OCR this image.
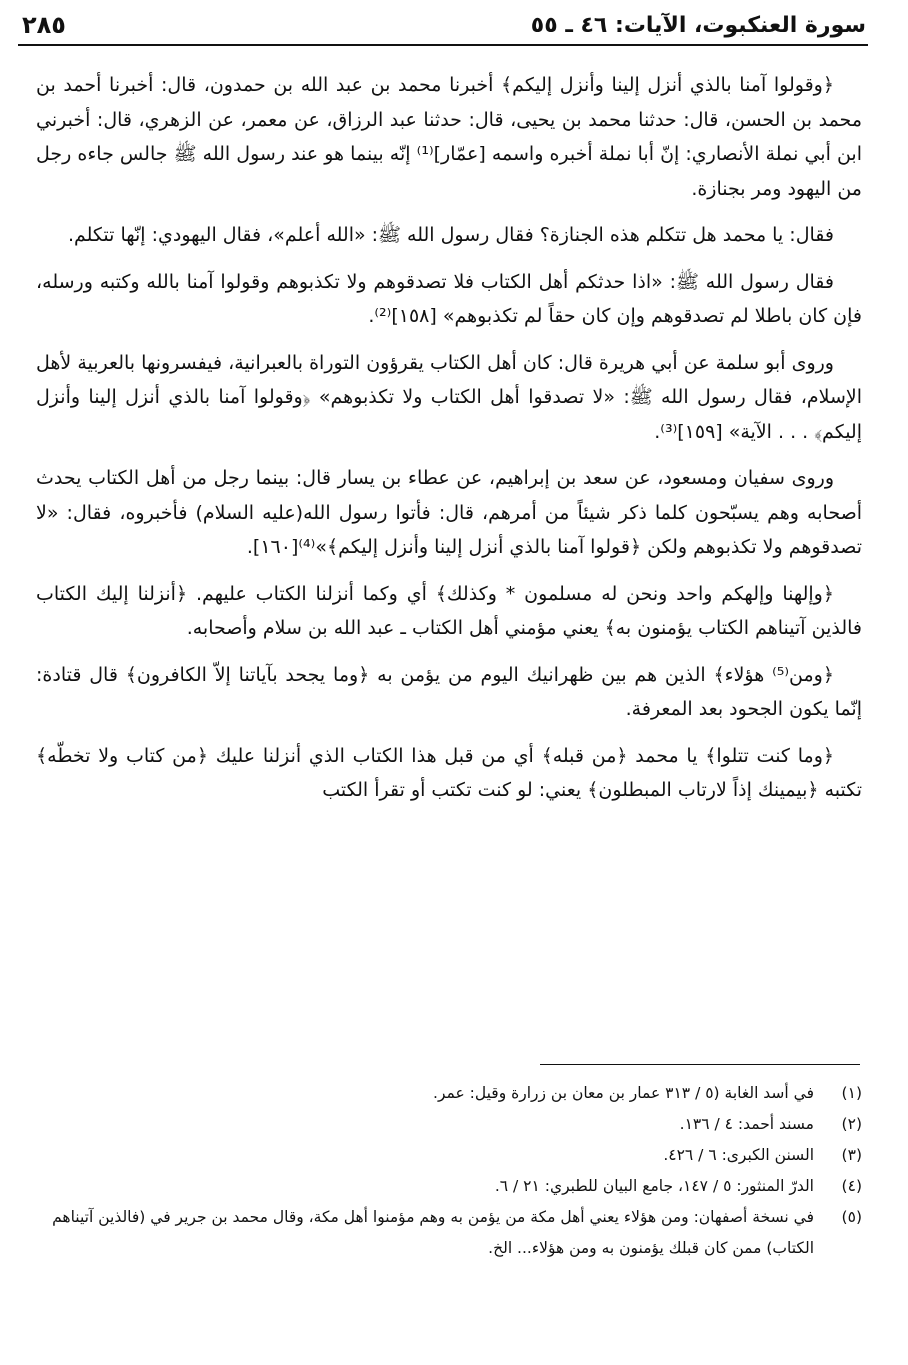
٢٨٥	سورة العنكبوت، الآيات: ٤٦ ـ ٥٥

﴿وقولوا آمنا بالذي أنزل إلينا وأنزل إليكم﴾ أخبرنا محمد بن عبد الله بن حمدون، قال: أخبرنا أحمد بن محمد بن الحسن، قال: حدثنا محمد بن يحيى، قال: حدثنا عبد الرزاق، عن معمر، عن الزهري، قال: أخبرني ابن أبي نملة الأنصاري: إنّ أبا نملة أخبره واسمه [عمّار]⁽¹⁾ إنّه بينما هو عند رسول الله ﷺ جالس جاءه رجل من اليهود ومر بجنازة.

فقال: يا محمد هل تتكلم هذه الجنازة؟ فقال رسول الله ﷺ: «الله أعلم»، فقال اليهودي: إنّها تتكلم.

فقال رسول الله ﷺ: «اذا حدثكم أهل الكتاب فلا تصدقوهم ولا تكذبوهم وقولوا آمنا بالله وكتبه ورسله، فإن كان باطلا لم تصدقوهم وإن كان حقاً لم تكذبوهم» [١٥٨]⁽²⁾.

وروى أبو سلمة عن أبي هريرة قال: كان أهل الكتاب يقرؤون التوراة بالعبرانية، فيفسرونها بالعربية لأهل الإسلام، فقال رسول الله ﷺ: «لا تصدقوا أهل الكتاب ولا تكذبوهم» ﴿وقولوا آمنا بالذي أنزل إلينا وأنزل إليكم﴾ . . . الآية» [١٥٩]⁽³⁾.

وروى سفيان ومسعود، عن سعد بن إبراهيم، عن عطاء بن يسار قال: بينما رجل من أهل الكتاب يحدث أصحابه وهم يسبّحون كلما ذكر شيئاً من أمرهم، قال: فأتوا رسول الله(عليه السلام) فأخبروه، فقال: «لا تصدقوهم ولا تكذبوهم ولكن ﴿قولوا آمنا بالذي أنزل إلينا وأنزل إليكم﴾»⁽⁴⁾[١٦٠].

﴿وإلهنا وإلهكم واحد ونحن له مسلمون * وكذلك﴾ أي وكما أنزلنا الكتاب عليهم. ﴿أنزلنا إليك الكتاب فالذين آتيناهم الكتاب يؤمنون به﴾ يعني مؤمني أهل الكتاب ـ عبد الله بن سلام وأصحابه.

﴿ومن⁽⁵⁾ هؤلاء﴾ الذين هم بين ظهرانيك اليوم من يؤمن به ﴿وما يجحد بآياتنا إلاّ الكافرون﴾ قال قتادة: إنّما يكون الجحود بعد المعرفة.

﴿وما كنت تتلوا﴾ يا محمد ﴿من قبله﴾ أي من قبل هذا الكتاب الذي أنزلنا عليك ﴿من كتاب ولا تخطّه﴾ تكتبه ﴿بيمينك إذاً لارتاب المبطلون﴾ يعني: لو كنت تكتب أو تقرأ الكتب

(١)
في أسد الغابة (٥ / ٣١٣ عمار بن معان بن زرارة وقيل: عمر.
(٢)
مسند أحمد: ٤ / ١٣٦.
(٣)
السنن الكبرى: ٦ / ٤٢٦.
(٤)
الدرّ المنثور: ٥ / ١٤٧، جامع البيان للطبري: ٢١ / ٦.
(٥)
في نسخة أصفهان: ومن هؤلاء يعني أهل مكة من يؤمن به وهم مؤمنوا أهل مكة، وقال محمد بن جرير في (فالذين آتيناهم الكتاب) ممن كان قبلك يؤمنون به ومن هؤلاء... الخ.
